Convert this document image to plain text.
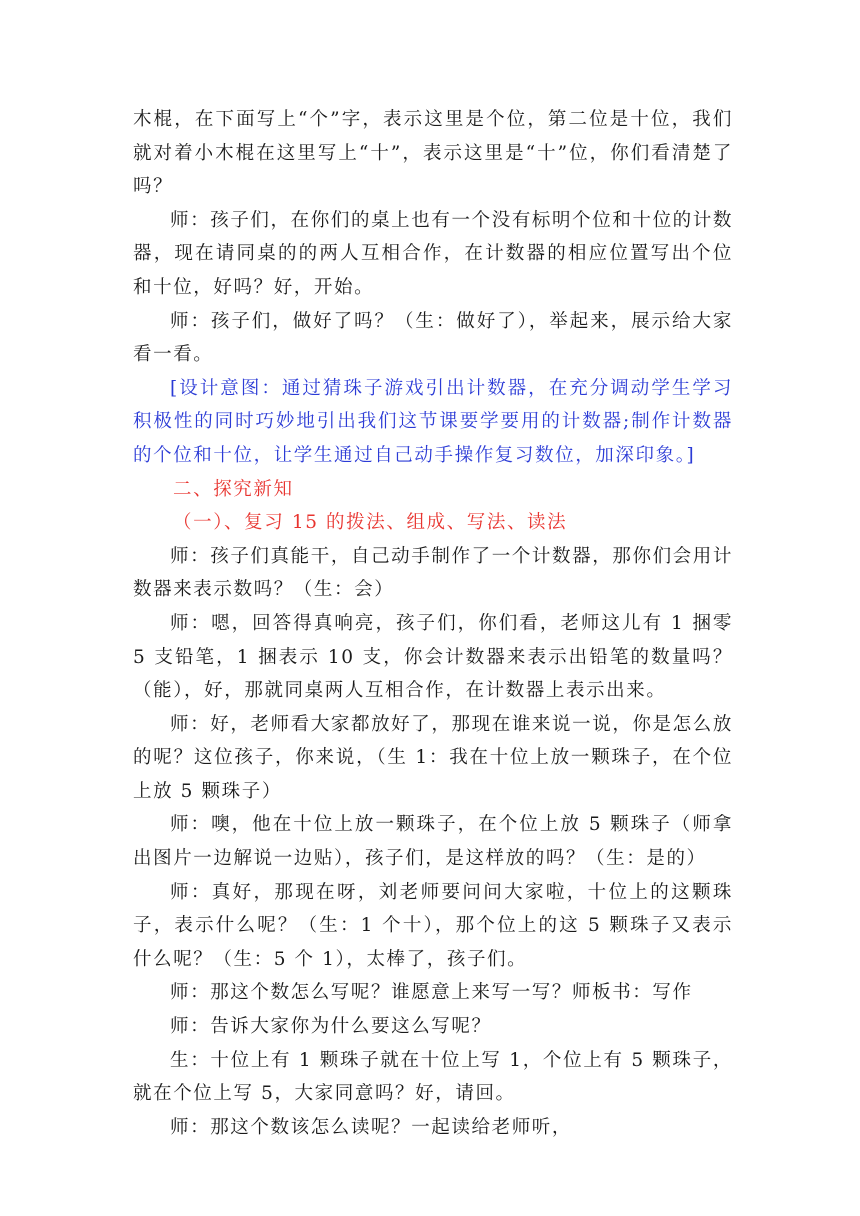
木棍，在下面写上“个”字，表示这里是个位，第二位是十位，我们就对着小木棍在这里写上“十”，表示这里是“十”位，你们看清楚了吗？

师：孩子们，在你们的桌上也有一个没有标明个位和十位的计数器，现在请同桌的的两人互相合作，在计数器的相应位置写出个位和十位，好吗？好，开始。

师：孩子们，做好了吗？（生：做好了），举起来，展示给大家看一看。

[设计意图：通过猜珠子游戏引出计数器，在充分调动学生学习积极性的同时巧妙地引出我们这节课要学要用的计数器;制作计数器的个位和十位，让学生通过自己动手操作复习数位，加深印象。]

二、探究新知

（一）、复习 15 的拨法、组成、写法、读法

师：孩子们真能干，自己动手制作了一个计数器，那你们会用计数器来表示数吗？（生：会）

师：嗯，回答得真响亮，孩子们，你们看，老师这儿有 1 捆零 5 支铅笔，1 捆表示 10 支，你会计数器来表示出铅笔的数量吗？（能），好，那就同桌两人互相合作，在计数器上表示出来。

师：好，老师看大家都放好了，那现在谁来说一说，你是怎么放的呢？这位孩子，你来说，（生 1：我在十位上放一颗珠子，在个位上放 5 颗珠子）

师：噢，他在十位上放一颗珠子，在个位上放 5 颗珠子（师拿出图片一边解说一边贴），孩子们，是这样放的吗？（生：是的）

师：真好，那现在呀，刘老师要问问大家啦，十位上的这颗珠子，表示什么呢？（生：1 个十），那个位上的这 5 颗珠子又表示什么呢？（生：5 个 1），太棒了，孩子们。

师：那这个数怎么写呢？谁愿意上来写一写？师板书：写作

师：告诉大家你为什么要这么写呢？

生：十位上有 1 颗珠子就在十位上写 1，个位上有 5 颗珠子，就在个位上写 5，大家同意吗？好，请回。

师：那这个数该怎么读呢？一起读给老师听，
